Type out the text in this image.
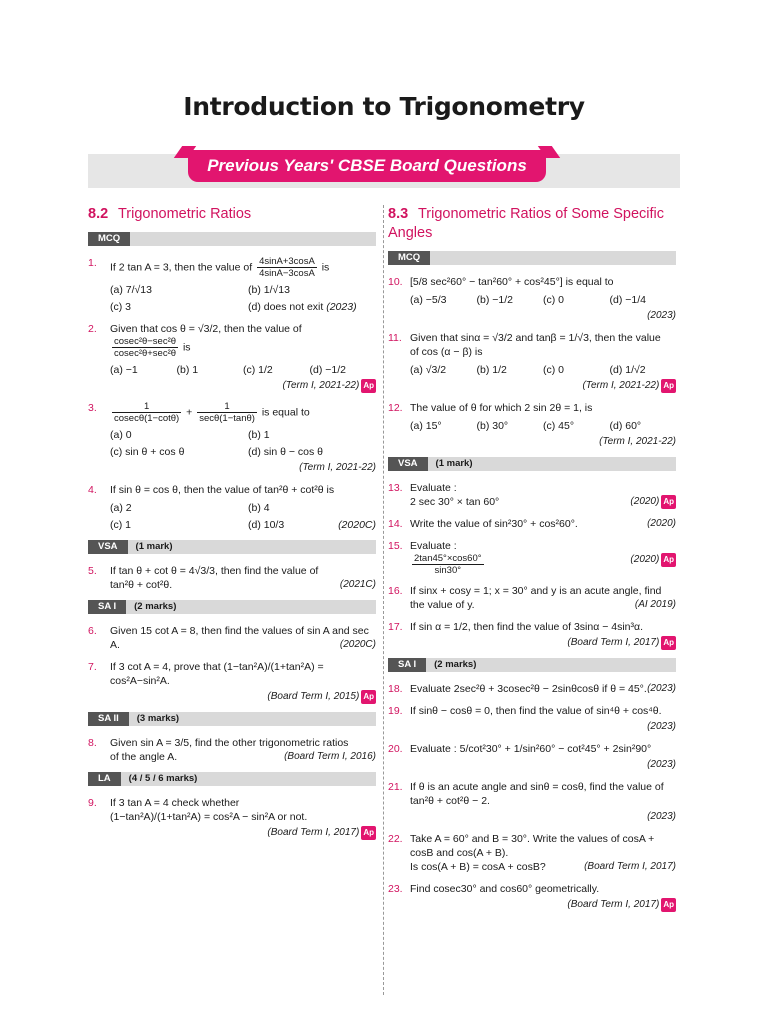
Introduction to Trigonometry
Previous Years' CBSE Board Questions
8.2 Trigonometric Ratios
MCQ
1. If 2 tan A = 3, then the value of $\frac{4\sin A+3\cos A}{4\sin A-3\cos A}$ is
(a) 7/√13	(b) 1/√13
(c) 3	(d) does not exit (2023)
2. Given that cos θ = √3/2, then the value of
$\frac{\text{cosec²θ−sec²θ}}{\text{cosec²θ+sec²θ}}$ is
(a) −1	(b) 1	(c) 1/2	(d) −1/2
(Term I, 2021-22) Ap
3. $\frac{1}{cosec\theta(1-\cot\theta)} + \frac{1}{\sec\theta(1-\tan\theta)}$ is equal to
(a) 0	(b) 1
(c) sin θ + cos θ	(d) sin θ − cos θ
(Term I, 2021-22)
4. If sin θ = cos θ, then the value of tan²θ + cot²θ is
(a) 2	(b) 4
(c) 1	(d) 10/3	(2020C)
VSA	(1 mark)
5. If tan θ + cot θ = 4√3/3, then find the value of
tan²θ + cot²θ.	(2021C)
SA I	(2 marks)
6. Given 15 cot A = 8, then find the values of sin A and sec A.	(2020C)
7. If 3 cot A = 4, prove that (1−tan²A)/(1+tan²A) = cos²A−sin²A.
(Board Term I, 2015) Ap
SA II	(3 marks)
8. Given sin A = 3/5, find the other trigonometric ratios
of the angle A.	(Board Term I, 2016)
LA	(4 / 5 / 6 marks)
9. If 3 tan A = 4 check whether
(1−tan²A)/(1+tan²A) = cos²A − sin²A or not.
(Board Term I, 2017) Ap
8.3 Trigonometric Ratios of Some Specific Angles
MCQ
10. [5/8 sec²60° − tan²60° + cos²45°] is equal to
(a) −5/3	(b) −1/2	(c) 0	(d) −1/4
(2023)
11. Given that sinα = √3/2 and tanβ = 1/√3, then the value
of cos (α − β) is
(a) √3/2	(b) 1/2	(c) 0	(d) 1/√2
(Term I, 2021-22) Ap
12. The value of θ for which 2 sin 2θ = 1, is
(a) 15°	(b) 30°	(c) 45°	(d) 60°
(Term I, 2021-22)
VSA	(1 mark)
13. Evaluate :
2 sec 30° × tan 60°	(2020) Ap
14. Write the value of sin²30° + cos²60°.	(2020)
15. Evaluate :
$\frac{2\tan 45^\circ\times\cos 60^\circ}{\sin 30^\circ}$	(2020) Ap
16. If sinx + cosy = 1; x = 30° and y is an acute angle, find the value of y.	(AI 2019)
17. If sin α = 1/2, then find the value of 3sinα − 4sin³α.
(Board Term I, 2017) Ap
SA I	(2 marks)
18. Evaluate 2sec²θ + 3cosec²θ − 2sinθcosθ if θ = 45°. (2023)
19. If sinθ − cosθ = 0, then find the value of sin⁴θ + cos⁴θ.
(2023)
20. Evaluate : 5/cot²30° + 1/sin²60° − cot²45° + 2sin²90°
(2023)
21. If θ is an acute angle and sinθ = cosθ, find the value of tan²θ + cot²θ − 2.
(2023)
22. Take A = 60° and B = 30°. Write the values of cosA + cosB and cos(A + B).
Is cos(A + B) = cosA + cosB?	(Board Term I, 2017)
23. Find cosec30° and cos60° geometrically.
(Board Term I, 2017) Ap
